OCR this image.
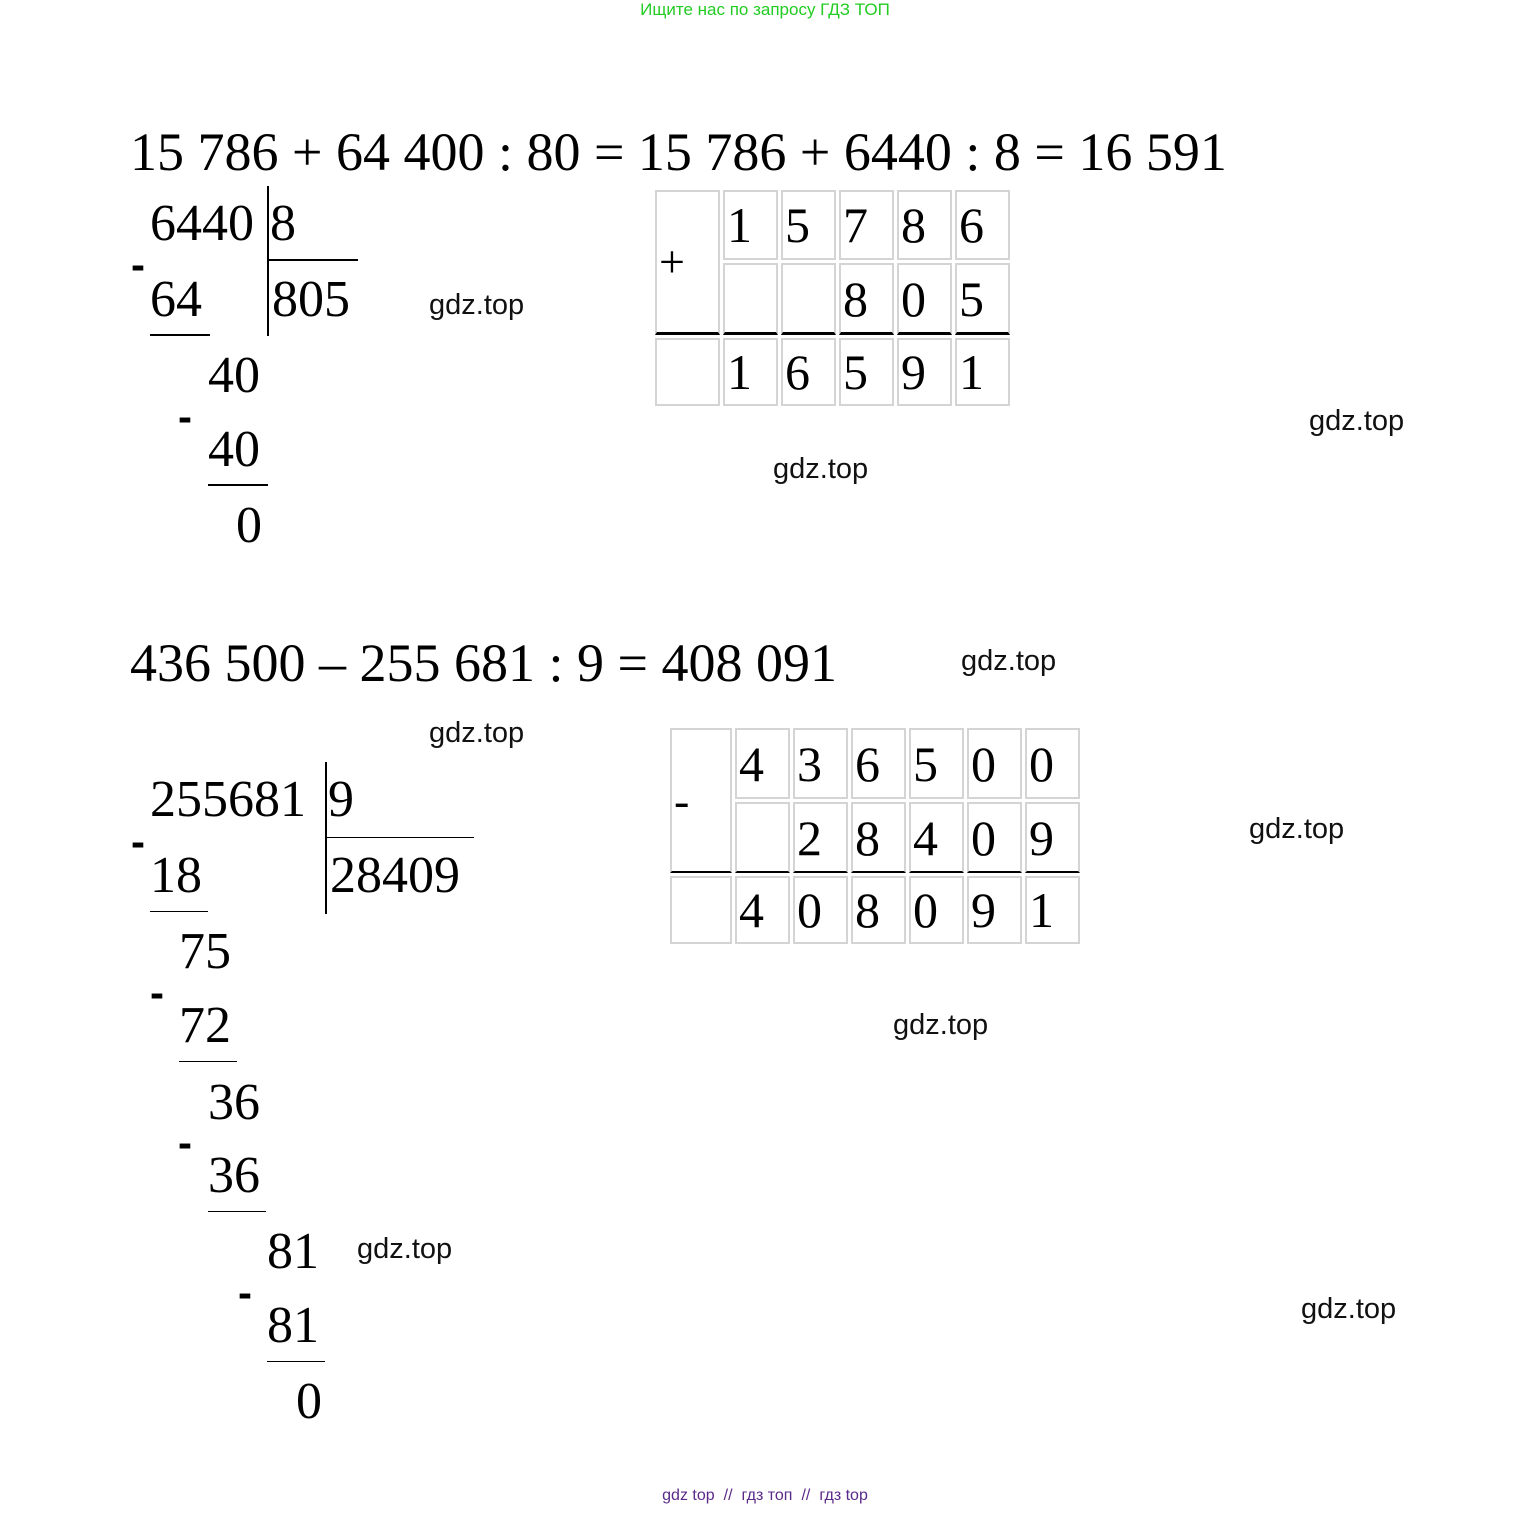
Ищите нас по запросу ГДЗ ТОП
15 786 + 64 400 : 80 = 15 786 + 6440 : 8 = 16 591
6440 8
805
-
64
40
-
40
0
+	1	5	7	8	6
			8	0	5
	1	6	5	9	1
436 500 – 255 681 : 9 = 408 091
255681 9
28409
-
18
75
-
72
36
-
36
81
-
81
0
-	4	3	6	5	0	0
		2	8	4	0	9
	4	0	8	0	9	1
gdz.top
gdz.top
gdz.top
gdz.top
gdz.top
gdz.top
gdz.top
gdz.top
gdz.top
gdz top // гдз топ // гдз top
